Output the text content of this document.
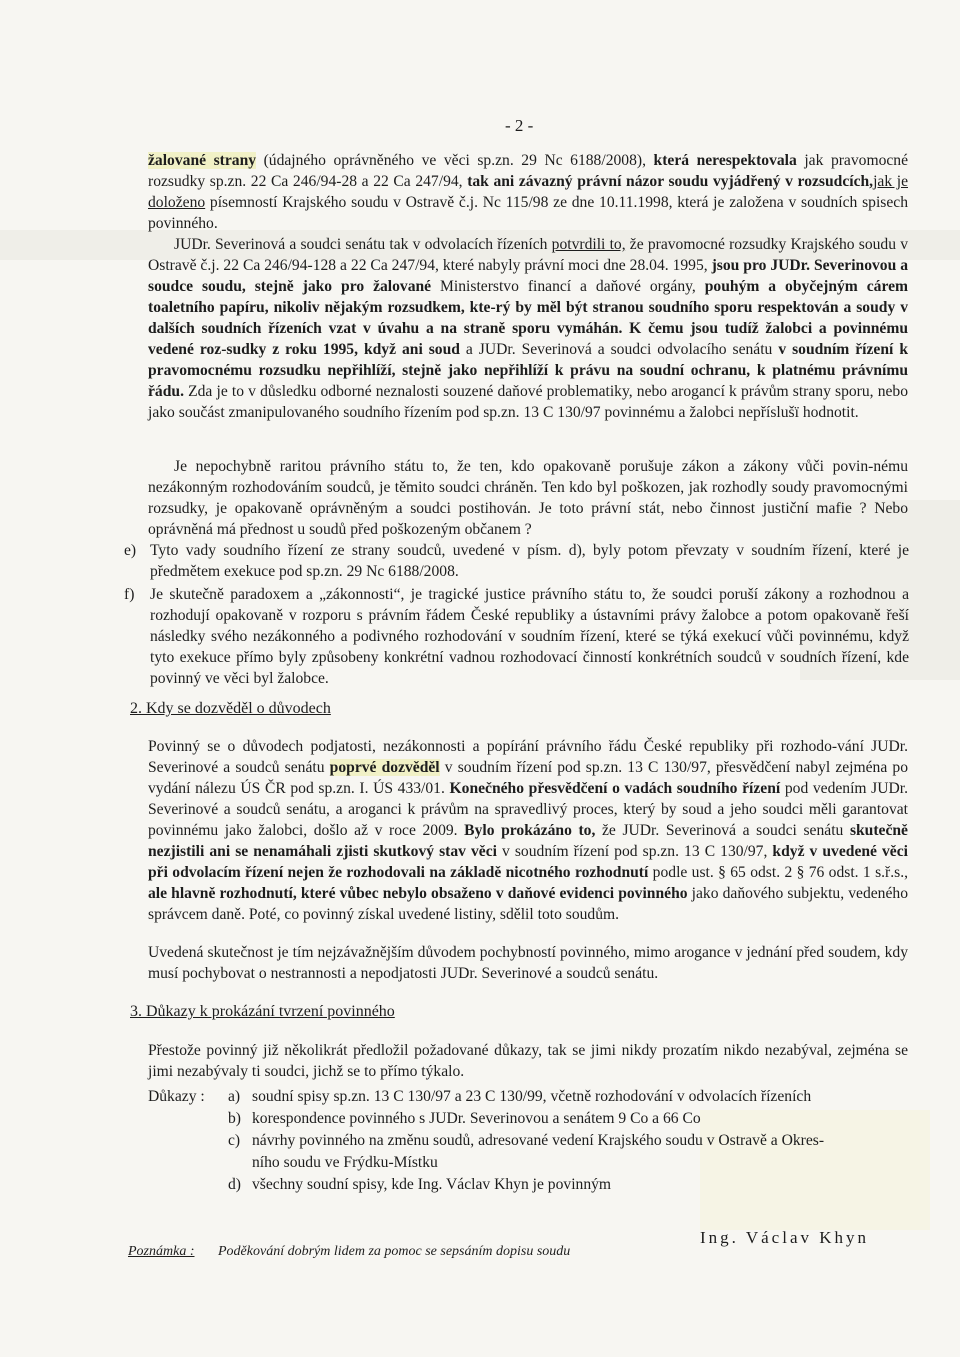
- 2 -
žalované strany (údajného oprávněného ve věci sp.zn. 29 Nc 6188/2008), která nerespektovala jak pravomocné rozsudky sp.zn. 22 Ca 246/94-28 a 22 Ca 247/94, tak ani závazný právní názor soudu vyjádřený v rozsudcích,jak je doloženo písemností Krajského soudu v Ostravě č.j. Nc 115/98 ze dne 10.11.1998, která je založena v soudních spisech povinného.
JUDr. Severinová a soudci senátu tak v odvolacích řízeních potvrdili to, že pravomocné rozsudky Krajského soudu v Ostravě č.j. 22 Ca 246/94-128 a 22 Ca 247/94, které nabyly právní moci dne 28.04. 1995, jsou pro JUDr. Severinovou a soudce soudu, stejně jako pro žalované Ministerstvo financí a daňové orgány, pouhým a obyčejným cárem toaletního papíru, nikoliv nějakým rozsudkem, kte-rý by měl být stranou soudního sporu respektován a soudy v dalších soudních řízeních vzat v úvahu a na straně sporu vymáhán. K čemu jsou tudíž žalobci a povinnému vedené roz-sudky z roku 1995, když ani soud a JUDr. Severinová a soudci odvolacího senátu v soudním řízení k pravomocnému rozsudku nepřihlíží, stejně jako nepřihlíží k právu na soudní ochranu, k platnému právnímu řádu. Zda je to v důsledku odborné neznalosti souzené daňové problematiky, nebo arogancí k právům strany sporu, nebo jako součást zmanipulovaného soudního řízením pod sp.zn. 13 C 130/97 povinnému a žalobci nepříslušï hodnotit.
Je nepochybně raritou právního státu to, že ten, kdo opakovaně porušuje zákon a zákony vůči povin-nému nezákonným rozhodováním soudců, je těmito soudci chráněn. Ten kdo byl poškozen, jak rozhodly soudy pravomocnými rozsudky, je opakovaně oprávněným a soudci postihován. Je toto právní stát, nebo činnost justiční mafie ? Nebo oprávněná má přednost u soudů před poškozeným občanem ?
e) Tyto vady soudního řízení ze strany soudců, uvedené v písm. d), byly potom převzaty v soudním řízení, které je předmětem exekuce pod sp.zn. 29 Nc 6188/2008.
f)	Je skutečně paradoxem a „zákonnosti“, je tragické justice právního státu to, že soudci poruší zákony a rozhodnou a rozhodují opakovaně v rozporu s právním řádem České republiky a ústavními právy žalobce a potom opakovaně řeší následky svého nezákonného a podivného rozhodování v soudním řízení, které se týká exekucí vůči povinnému, když tyto exekuce přímo byly způsobeny konkrétní vadnou rozhodovací činností konkrétních soudců v soudních řízení, kde povinný ve věci byl žalobce.
2. Kdy se dozvěděl o důvodech
Povinný se o důvodech podjatosti, nezákonnosti a popírání právního řádu České republiky při rozhodo-vání JUDr. Severinové a soudců senátu poprvé dozvěděl v soudním řízení pod sp.zn. 13 C 130/97, přesvědčení nabyl zejména po vydání nálezu ÚS ČR pod sp.zn. I. ÚS 433/01. Konečného přesvědčení o vadách soudního řízení pod vedením JUDr. Severinové a soudců senátu, a aroganci k právům na spravedlivý proces, který by soud a jeho soudci měli garantovat povinnému jako žalobci, došlo až v roce 2009. Bylo prokázáno to, že JUDr. Severinová a soudci senátu skutečně nezjistili ani se nenamáhali zjisti skutkový stav věci v soudním řízení pod sp.zn. 13 C 130/97, když v uvedené věci při odvolacím řízení nejen že rozhodovali na základě nicotného rozhodnutí podle ust. § 65 odst. 2 § 76 odst. 1 s.ř.s., ale hlavně rozhodnutí, které vůbec nebylo obsaženo v daňové evidenci povinného jako daňového subjektu, vedeného správcem daně. Poté, co povinný získal uvedené listiny, sdělil toto soudům.
Uvedená skutečnost je tím nejzávažnějším důvodem pochybností povinného, mimo arogance v jednání před soudem, kdy musí pochybovat o nestrannosti a nepodjatosti JUDr. Severinové a soudců senátu.
3. Důkazy k prokázání tvrzení povinného
Přestože povinný již několikrát předložil požadované důkazy, tak se jimi nikdy prozatím nikdo nezabýval, zejména se jimi nezabývaly ti soudci, jichž se to přímo týkalo.
Důkazy :	a) soudní spisy sp.zn. 13 C 130/97 a 23 C 130/99, včetně rozhodování v odvolacích řízeních
b) korespondence povinného s JUDr. Severinovou a senátem 9 Co a 66 Co
c) návrhy povinného na změnu soudů, adresované vedení Krajského soudu v Ostravě a Okres-
ního soudu ve Frýdku-Místku
d) všechny soudní spisy, kde Ing. Václav Khyn je povinným
Ing. Václav Khyn
Poznámka : Poděkování dobrým lidem za pomoc se sepsáním dopisu soudu
